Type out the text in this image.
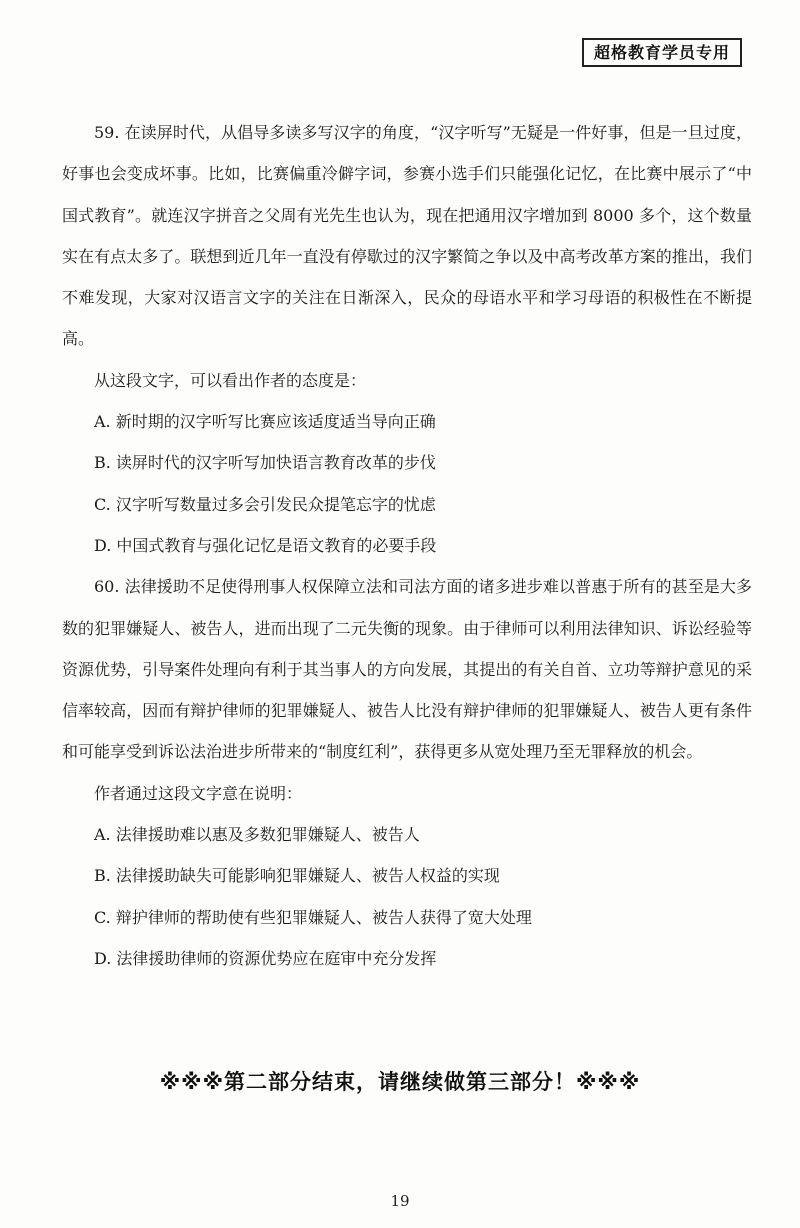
超格教育学员专用

59. 在读屏时代，从倡导多读多写汉字的角度，“汉字听写”无疑是一件好事，但是一旦过度，好事也会变成坏事。比如，比赛偏重冷僻字词，参赛小选手们只能强化记忆，在比赛中展示了“中国式教育”。就连汉字拼音之父周有光先生也认为，现在把通用汉字增加到 8000 多个，这个数量实在有点太多了。联想到近几年一直没有停歇过的汉字繁简之争以及中高考改革方案的推出，我们不难发现，大家对汉语言文字的关注在日渐深入，民众的母语水平和学习母语的积极性在不断提高。

从这段文字，可以看出作者的态度是：

A. 新时期的汉字听写比赛应该适度适当导向正确

B. 读屏时代的汉字听写加快语言教育改革的步伐

C. 汉字听写数量过多会引发民众提笔忘字的忧虑

D. 中国式教育与强化记忆是语文教育的必要手段

60. 法律援助不足使得刑事人权保障立法和司法方面的诸多进步难以普惠于所有的甚至是大多数的犯罪嫌疑人、被告人，进而出现了二元失衡的现象。由于律师可以利用法律知识、诉讼经验等资源优势，引导案件处理向有利于其当事人的方向发展，其提出的有关自首、立功等辩护意见的采信率较高，因而有辩护律师的犯罪嫌疑人、被告人比没有辩护律师的犯罪嫌疑人、被告人更有条件和可能享受到诉讼法治进步所带来的“制度红利”，获得更多从宽处理乃至无罪释放的机会。

作者通过这段文字意在说明：

A. 法律援助难以惠及多数犯罪嫌疑人、被告人

B. 法律援助缺失可能影响犯罪嫌疑人、被告人权益的实现

C. 辩护律师的帮助使有些犯罪嫌疑人、被告人获得了宽大处理

D. 法律援助律师的资源优势应在庭审中充分发挥

※※※第二部分结束，请继续做第三部分！※※※
19
